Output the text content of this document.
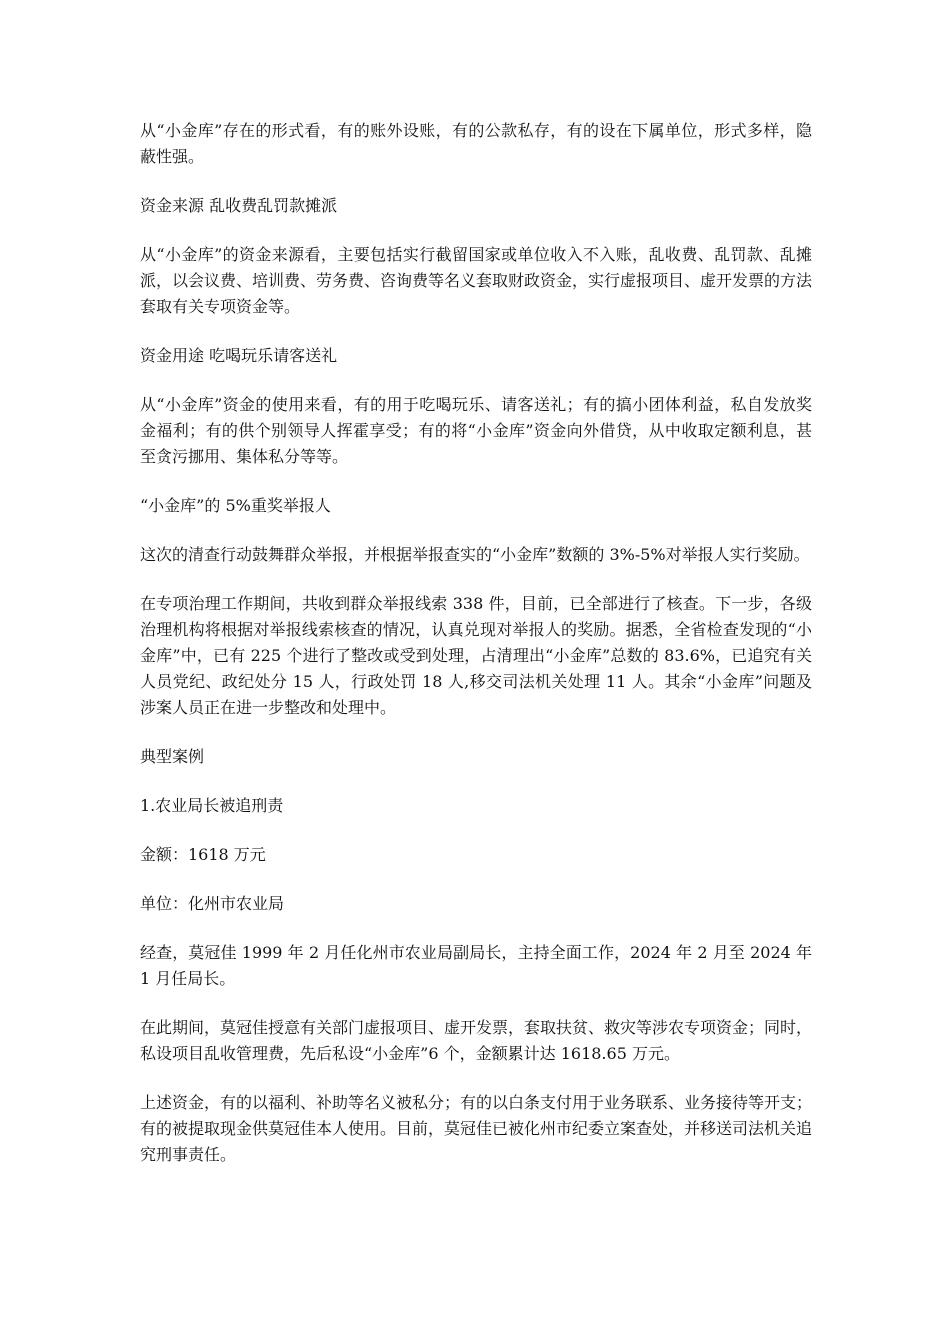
从“小金库”存在的形式看，有的账外设账，有的公款私存，有的设在下属单位，形式多样，隐蔽性强。

资金来源 乱收费乱罚款摊派

从“小金库”的资金来源看，主要包括实行截留国家或单位收入不入账，乱收费、乱罚款、乱摊派，以会议费、培训费、劳务费、咨询费等名义套取财政资金，实行虚报项目、虚开发票的方法套取有关专项资金等。

资金用途 吃喝玩乐请客送礼

从“小金库”资金的使用来看，有的用于吃喝玩乐、请客送礼；有的搞小团体利益，私自发放奖金福利；有的供个别领导人挥霍享受；有的将“小金库”资金向外借贷，从中收取定额利息，甚至贪污挪用、集体私分等等。

“小金库”的 5%重奖举报人

这次的清查行动鼓舞群众举报，并根据举报查实的“小金库”数额的 3%-5%对举报人实行奖励。

在专项治理工作期间，共收到群众举报线索 338 件，目前，已全部进行了核查。下一步，各级治理机构将根据对举报线索核查的情况，认真兑现对举报人的奖励。据悉，全省检查发现的“小金库”中，已有 225 个进行了整改或受到处理，占清理出“小金库”总数的 83.6%，已追究有关人员党纪、政纪处分 15 人，行政处罚 18 人,移交司法机关处理 11 人。其余“小金库”问题及涉案人员正在进一步整改和处理中。

典型案例

1.农业局长被追刑责

金额：1618 万元

单位：化州市农业局

经查，莫冠佳 1999 年 2 月任化州市农业局副局长，主持全面工作，2024 年 2 月至 2024 年 1 月任局长。

在此期间，莫冠佳授意有关部门虚报项目、虚开发票，套取扶贫、救灾等涉农专项资金；同时，私设项目乱收管理费，先后私设“小金库”6 个，金额累计达 1618.65 万元。

上述资金，有的以福利、补助等名义被私分；有的以白条支付用于业务联系、业务接待等开支；有的被提取现金供莫冠佳本人使用。目前，莫冠佳已被化州市纪委立案查处，并移送司法机关追究刑事责任。
